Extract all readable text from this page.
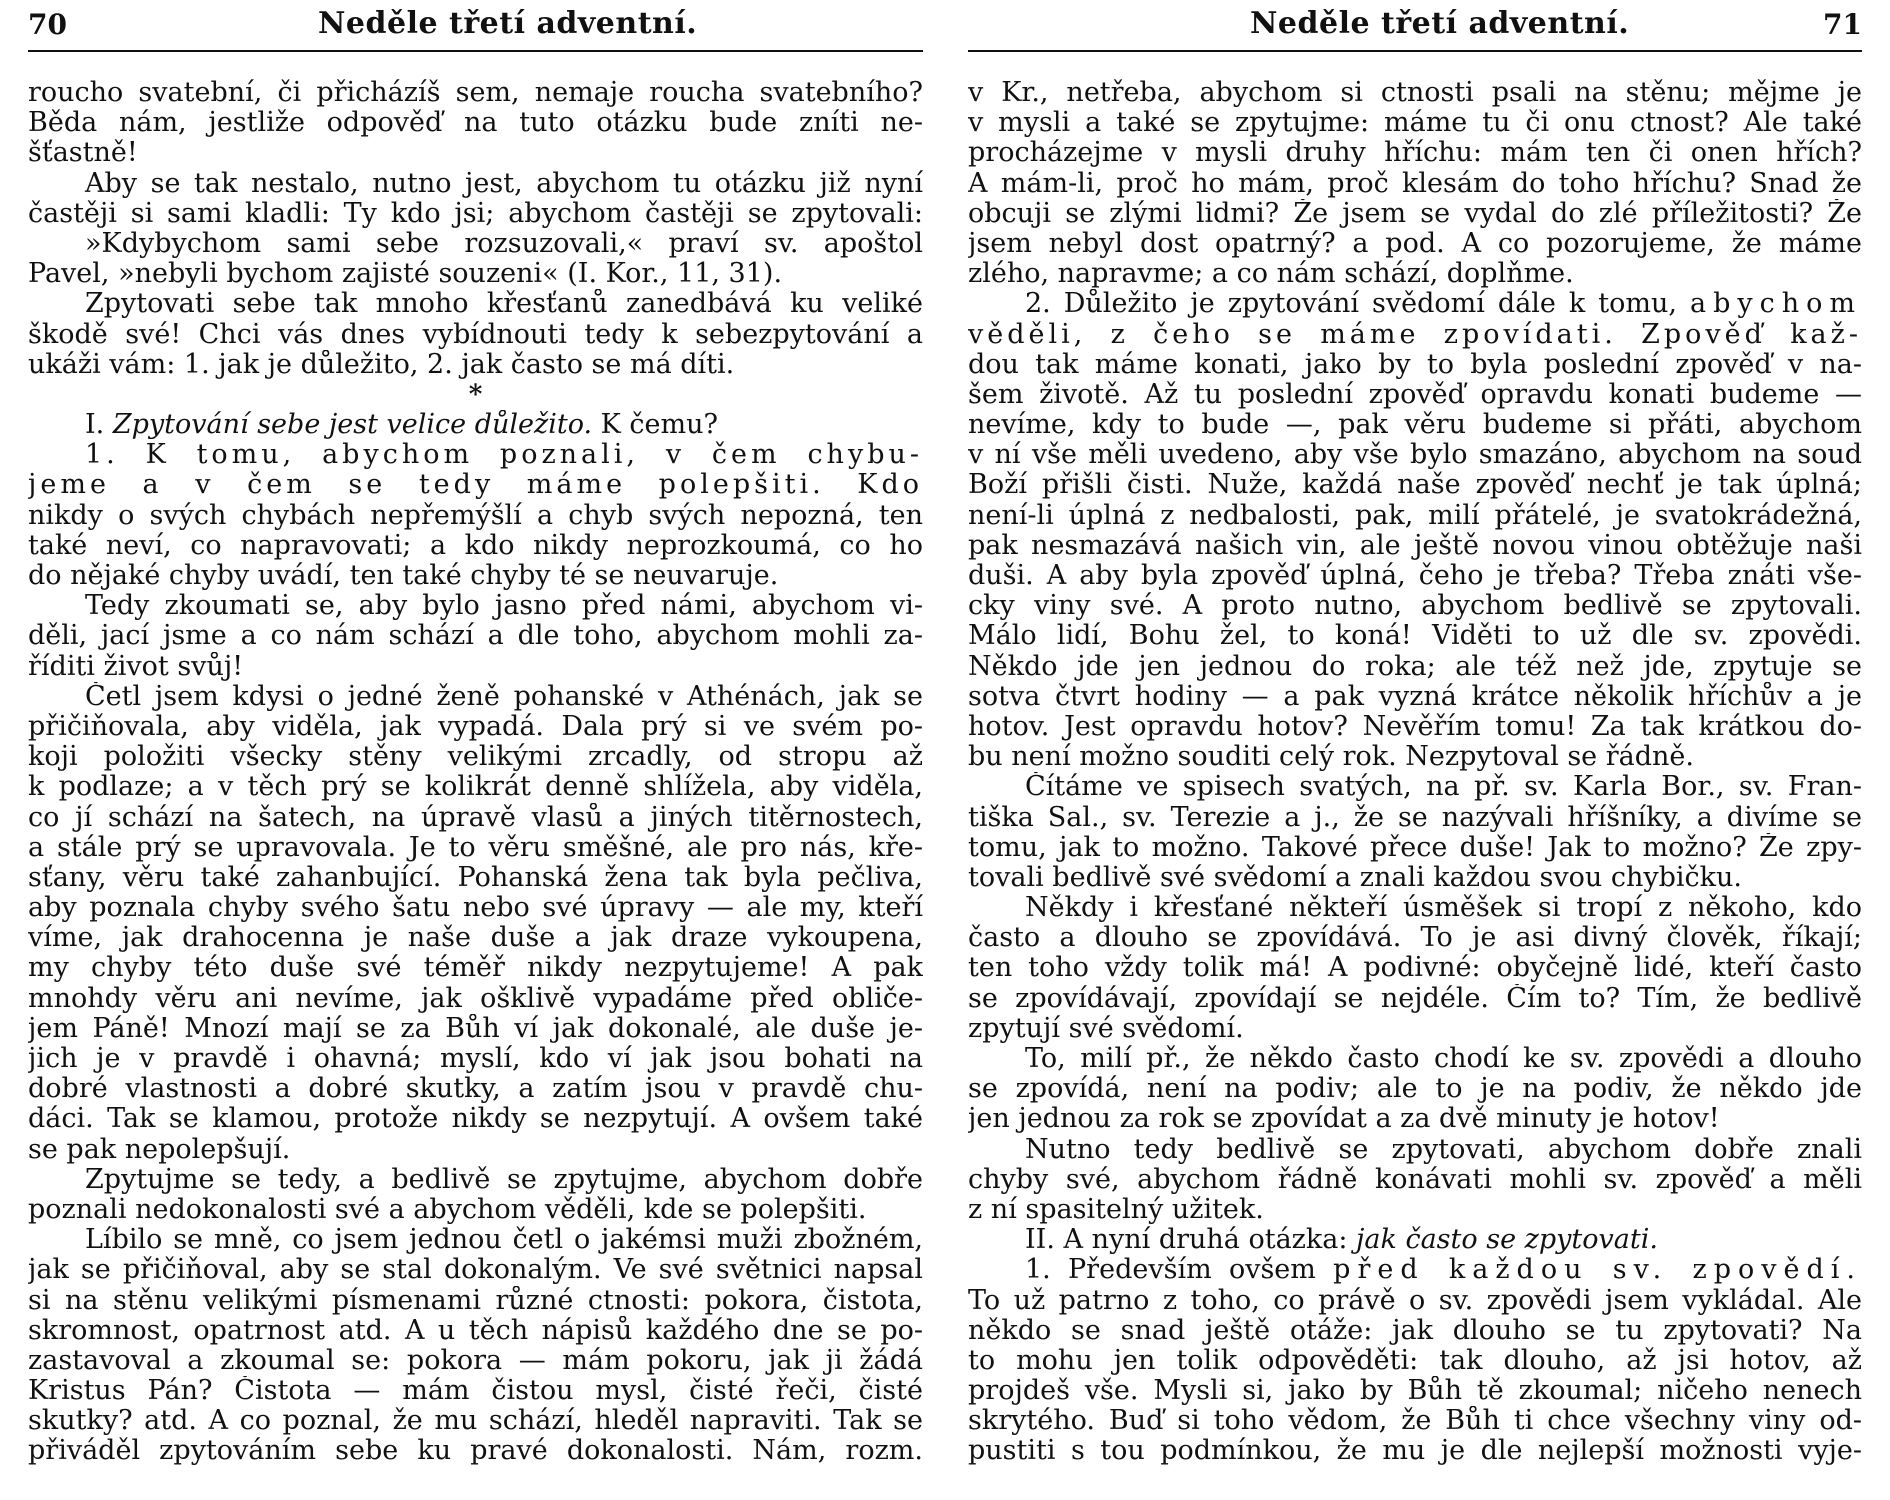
70	Neděle třetí adventní.
roucho svatební, či přicházíš sem, nemaje roucha svatebního?
Běda nám, jestliže odpověď na tuto otázku bude zníti ne-
šťastně!
Aby se tak nestalo, nutno jest, abychom tu otázku již nyní
častěji si sami kladli: Ty kdo jsi; abychom častěji se zpytovali:
»Kdybychom sami sebe rozsuzovali,« praví sv. apoštol
Pavel, »nebyli bychom zajisté souzeni« (I. Kor., 11, 31).
Zpytovati sebe tak mnoho křesťanů zanedbává ku veliké
škodě své! Chci vás dnes vybídnouti tedy k sebezpytování a
ukáži vám: 1. jak je důležito, 2. jak často se má díti.
*
I. Zpytování sebe jest velice důležito. K čemu?
1. K tomu, abychom poznali, v čem chybu-
jeme a v čem se tedy máme polepšiti. Kdo
nikdy o svých chybách nepřemýšlí a chyb svých nepozná, ten
také neví, co napravovati; a kdo nikdy neprozkoumá, co ho
do nějaké chyby uvádí, ten také chyby té se neuvaruje.
Tedy zkoumati se, aby bylo jasno před námi, abychom vi-
děli, jací jsme a co nám schází a dle toho, abychom mohli za-
říditi život svůj!
Četl jsem kdysi o jedné ženě pohanské v Athénách, jak se
přičiňovala, aby viděla, jak vypadá. Dala prý si ve svém po-
koji položiti všecky stěny velikými zrcadly, od stropu až
k podlaze; a v těch prý se kolikrát denně shlížela, aby viděla,
co jí schází na šatech, na úpravě vlasů a jiných titěrnostech,
a stále prý se upravovala. Je to věru směšné, ale pro nás, kře-
sťany, věru také zahanbující. Pohanská žena tak byla pečliva,
aby poznala chyby svého šatu nebo své úpravy — ale my, kteří
víme, jak drahocenna je naše duše a jak draze vykoupena,
my chyby této duše své téměř nikdy nezpytujeme! A pak
mnohdy věru ani nevíme, jak ošklivě vypadáme před obliče-
jem Páně! Mnozí mají se za Bůh ví jak dokonalé, ale duše je-
jich je v pravdě i ohavná; myslí, kdo ví jak jsou bohati na
dobré vlastnosti a dobré skutky, a zatím jsou v pravdě chu-
dáci. Tak se klamou, protože nikdy se nezpytují. A ovšem také
se pak nepolepšují.
Zpytujme se tedy, a bedlivě se zpytujme, abychom dobře
poznali nedokonalosti své a abychom věděli, kde se polepšiti.
Líbilo se mně, co jsem jednou četl o jakémsi muži zbožném,
jak se přičiňoval, aby se stal dokonalým. Ve své světnici napsal
si na stěnu velikými písmenami různé ctnosti: pokora, čistota,
skromnost, opatrnost atd. A u těch nápisů každého dne se po-
zastavoval a zkoumal se: pokora — mám pokoru, jak ji žádá
Kristus Pán? Čistota — mám čistou mysl, čisté řeči, čisté
skutky? atd. A co poznal, že mu schází, hleděl napraviti. Tak se
přiváděl zpytováním sebe ku pravé dokonalosti. Nám, rozm.
Neděle třetí adventní.	71
v Kr., netřeba, abychom si ctnosti psali na stěnu; mějme je
v mysli a také se zpytujme: máme tu či onu ctnost? Ale také
procházejme v mysli druhy hříchu: mám ten či onen hřích?
A mám-li, proč ho mám, proč klesám do toho hříchu? Snad že
obcuji se zlými lidmi? Že jsem se vydal do zlé příležitosti? Že
jsem nebyl dost opatrný? a pod. A co pozorujeme, že máme
zlého, napravme; a co nám schází, doplňme.
2. Důležito je zpytování svědomí dále k tomu, abychom
věděli, z čeho se máme zpovídati. Zpověď kaž-
dou tak máme konati, jako by to byla poslední zpověď v na-
šem životě. Až tu poslední zpověď opravdu konati budeme —
nevíme, kdy to bude —, pak věru budeme si přáti, abychom
v ní vše měli uvedeno, aby vše bylo smazáno, abychom na soud
Boží přišli čisti. Nuže, každá naše zpověď nechť je tak úplná;
není-li úplná z nedbalosti, pak, milí přátelé, je svatokrádežná,
pak nesmazává našich vin, ale ještě novou vinou obtěžuje naši
duši. A aby byla zpověď úplná, čeho je třeba? Třeba znáti vše-
cky viny své. A proto nutno, abychom bedlivě se zpytovali.
Málo lidí, Bohu žel, to koná! Viděti to už dle sv. zpovědi.
Někdo jde jen jednou do roka; ale též než jde, zpytuje se
sotva čtvrt hodiny — a pak vyzná krátce několik hříchův a je
hotov. Jest opravdu hotov? Nevěřím tomu! Za tak krátkou do-
bu není možno souditi celý rok. Nezpytoval se řádně.
Čítáme ve spisech svatých, na př. sv. Karla Bor., sv. Fran-
tiška Sal., sv. Terezie a j., že se nazývali hříšníky, a divíme se
tomu, jak to možno. Takové přece duše! Jak to možno? Že zpy-
tovali bedlivě své svědomí a znali každou svou chybičku.
Někdy i křesťané někteří úsměšek si tropí z někoho, kdo
často a dlouho se zpovídává. To je asi divný člověk, říkají;
ten toho vždy tolik má! A podivné: obyčejně lidé, kteří často
se zpovídávají, zpovídají se nejdéle. Čím to? Tím, že bedlivě
zpytují své svědomí.
To, milí př., že někdo často chodí ke sv. zpovědi a dlouho
se zpovídá, není na podiv; ale to je na podiv, že někdo jde
jen jednou za rok se zpovídat a za dvě minuty je hotov!
Nutno tedy bedlivě se zpytovati, abychom dobře znali
chyby své, abychom řádně konávati mohli sv. zpověď a měli
z ní spasitelný užitek.
II. A nyní druhá otázka: jak často se zpytovati.
1. Především ovšem před každou sv. zpovědí.
To už patrno z toho, co právě o sv. zpovědi jsem vykládal. Ale
někdo se snad ještě otáže: jak dlouho se tu zpytovati? Na
to mohu jen tolik odpověděti: tak dlouho, až jsi hotov, až
projdeš vše. Mysli si, jako by Bůh tě zkoumal; ničeho nenech
skrytého. Buď si toho vědom, že Bůh ti chce všechny viny od-
pustiti s tou podmínkou, že mu je dle nejlepší možnosti vyje-
